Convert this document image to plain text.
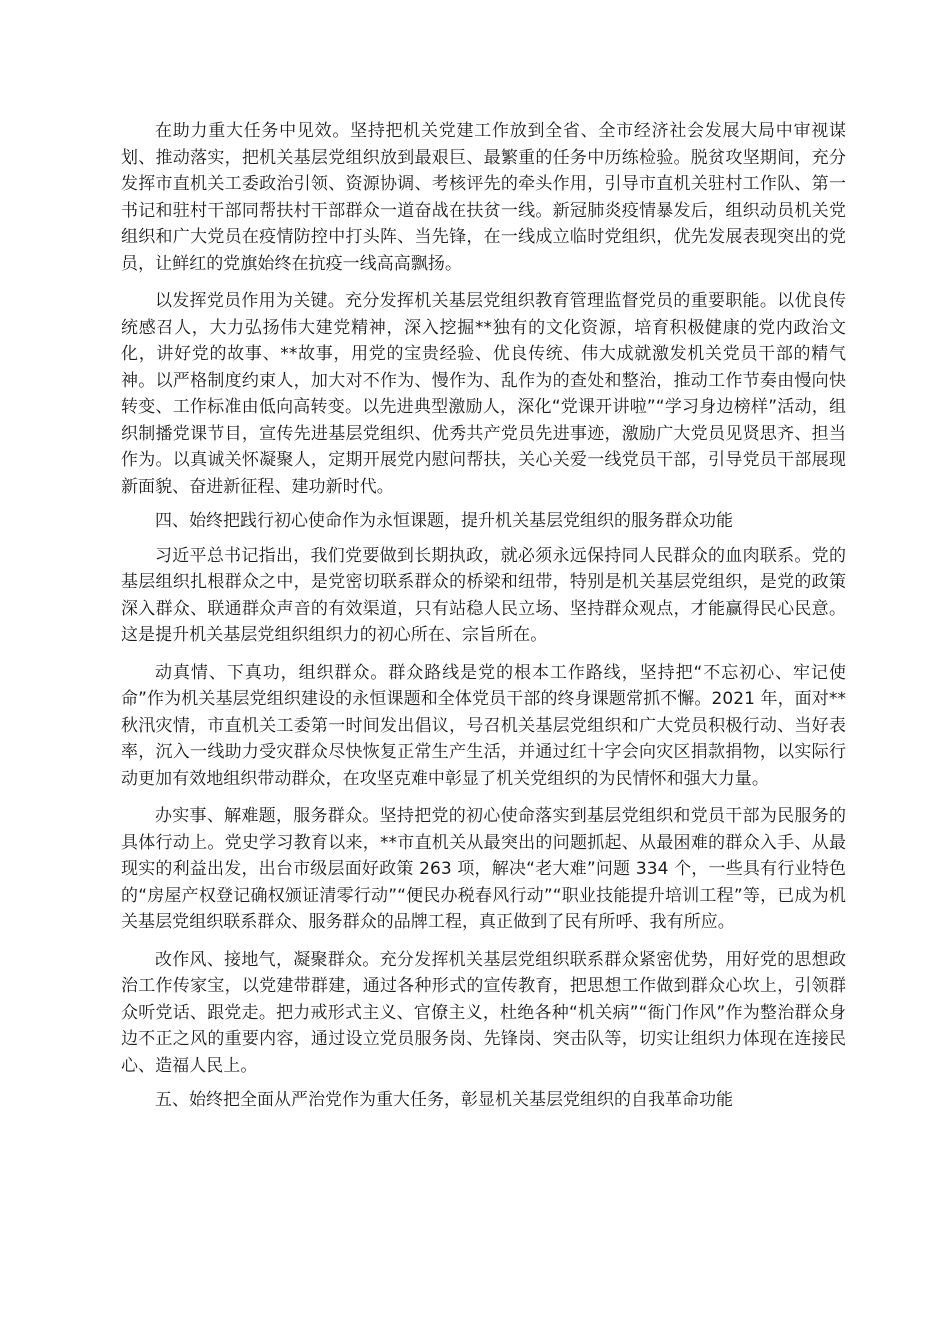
在助力重大任务中见效。坚持把机关党建工作放到全省、全市经济社会发展大局中审视谋划、推动落实，把机关基层党组织放到最艰巨、最繁重的任务中历练检验。脱贫攻坚期间，充分发挥市直机关工委政治引领、资源协调、考核评先的牵头作用，引导市直机关驻村工作队、第一书记和驻村干部同帮扶村干部群众一道奋战在扶贫一线。新冠肺炎疫情暴发后，组织动员机关党组织和广大党员在疫情防控中打头阵、当先锋，在一线成立临时党组织，优先发展表现突出的党员，让鲜红的党旗始终在抗疫一线高高飘扬。

以发挥党员作用为关键。充分发挥机关基层党组织教育管理监督党员的重要职能。以优良传统感召人，大力弘扬伟大建党精神，深入挖掘**独有的文化资源，培育积极健康的党内政治文化，讲好党的故事、**故事，用党的宝贵经验、优良传统、伟大成就激发机关党员干部的精气神。以严格制度约束人，加大对不作为、慢作为、乱作为的查处和整治，推动工作节奏由慢向快转变、工作标准由低向高转变。以先进典型激励人，深化“党课开讲啦”“学习身边榜样”活动，组织制播党课节目，宣传先进基层党组织、优秀共产党员先进事迹，激励广大党员见贤思齐、担当作为。以真诚关怀凝聚人，定期开展党内慰问帮扶，关心关爱一线党员干部，引导党员干部展现新面貌、奋进新征程、建功新时代。

四、始终把践行初心使命作为永恒课题，提升机关基层党组织的服务群众功能

习近平总书记指出，我们党要做到长期执政，就必须永远保持同人民群众的血肉联系。党的基层组织扎根群众之中，是党密切联系群众的桥梁和纽带，特别是机关基层党组织，是党的政策深入群众、联通群众声音的有效渠道，只有站稳人民立场、坚持群众观点，才能赢得民心民意。这是提升机关基层党组织组织力的初心所在、宗旨所在。

动真情、下真功，组织群众。群众路线是党的根本工作路线，坚持把“不忘初心、牢记使命”作为机关基层党组织建设的永恒课题和全体党员干部的终身课题常抓不懈。2021 年，面对**秋汛灾情，市直机关工委第一时间发出倡议，号召机关基层党组织和广大党员积极行动、当好表率，沉入一线助力受灾群众尽快恢复正常生产生活，并通过红十字会向灾区捐款捐物，以实际行动更加有效地组织带动群众，在攻坚克难中彰显了机关党组织的为民情怀和强大力量。

办实事、解难题，服务群众。坚持把党的初心使命落实到基层党组织和党员干部为民服务的具体行动上。党史学习教育以来，**市直机关从最突出的问题抓起、从最困难的群众入手、从最现实的利益出发，出台市级层面好政策 263 项，解决“老大难”问题 334 个，一些具有行业特色的“房屋产权登记确权颁证清零行动”“便民办税春风行动”“职业技能提升培训工程”等，已成为机关基层党组织联系群众、服务群众的品牌工程，真正做到了民有所呼、我有所应。

改作风、接地气，凝聚群众。充分发挥机关基层党组织联系群众紧密优势，用好党的思想政治工作传家宝，以党建带群建，通过各种形式的宣传教育，把思想工作做到群众心坎上，引领群众听党话、跟党走。把力戒形式主义、官僚主义，杜绝各种“机关病”“衙门作风”作为整治群众身边不正之风的重要内容，通过设立党员服务岗、先锋岗、突击队等，切实让组织力体现在连接民心、造福人民上。

五、始终把全面从严治党作为重大任务，彰显机关基层党组织的自我革命功能
